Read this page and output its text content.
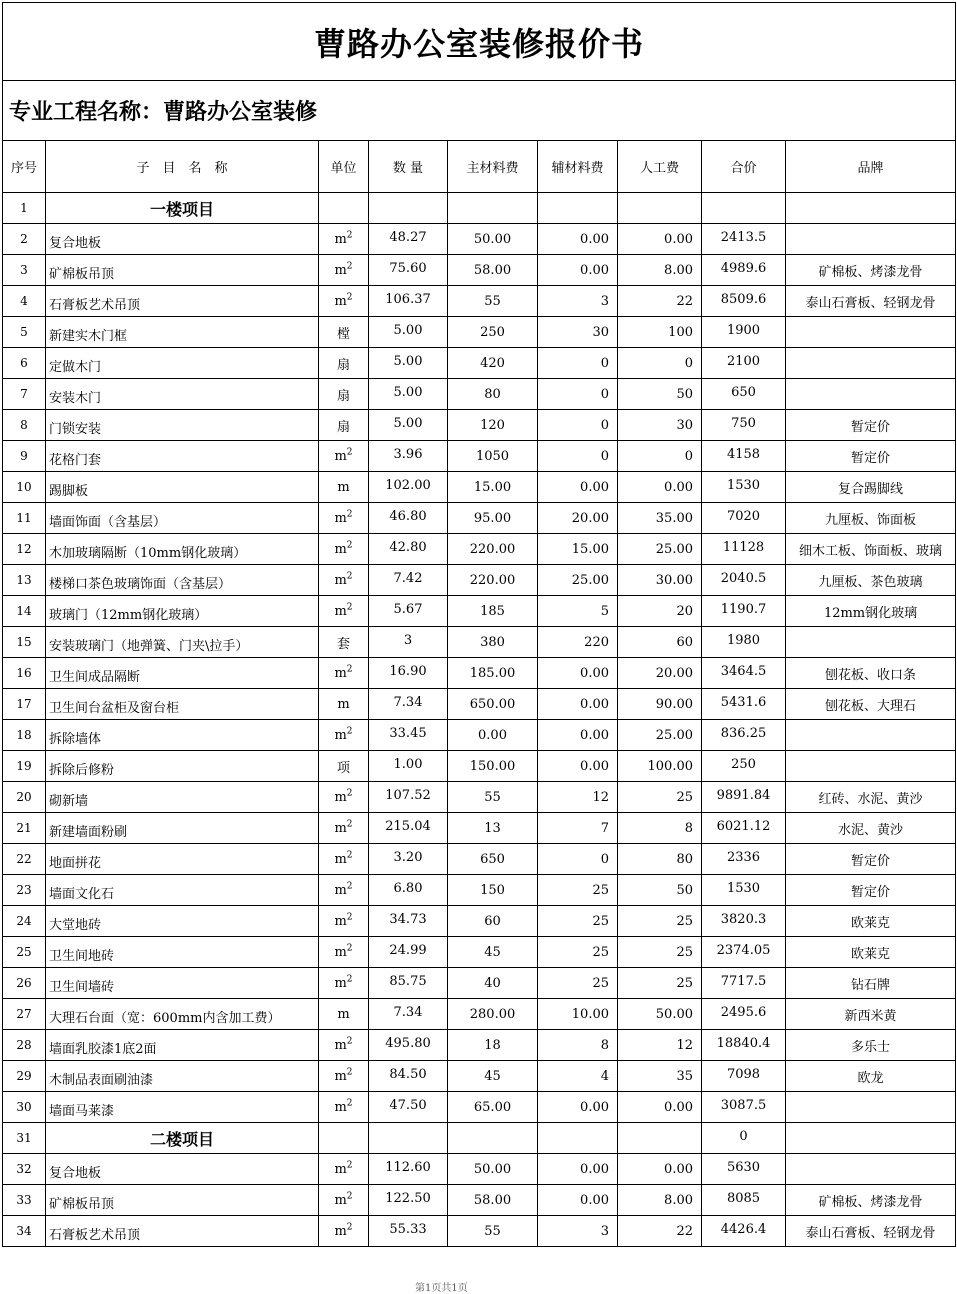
曹路办公室装修报价书								
专业工程名称：曹路办公室装修								
序号	子　目　名　称	单位	数 量	主材料费	辅材料费	人工费	合价	品牌
1	一楼项目							
2	复合地板	$m^2$	48.27	50.00	0.00	0.00	2413.5	
3	矿棉板吊顶	$m^2$	75.60	58.00	0.00	8.00	4989.6	矿棉板、烤漆龙骨
4	石膏板艺术吊顶	$m^2$	106.37	55	3	22	8509.6	泰山石膏板、轻钢龙骨
5	新建实木门框	樘	5.00	250	30	100	1900	
6	定做木门	扇	5.00	420	0	0	2100	
7	安装木门	扇	5.00	80	0	50	650	
8	门锁安装	扇	5.00	120	0	30	750	暂定价
9	花格门套	$m^2$	3.96	1050	0	0	4158	暂定价
10	踢脚板	m	102.00	15.00	0.00	0.00	1530	复合踢脚线
11	墙面饰面（含基层）	$m^2$	46.80	95.00	20.00	35.00	7020	九厘板、饰面板
12	木加玻璃隔断（10mm钢化玻璃）	$m^2$	42.80	220.00	15.00	25.00	11128	细木工板、饰面板、玻璃
13	楼梯口茶色玻璃饰面（含基层）	$m^2$	7.42	220.00	25.00	30.00	2040.5	九厘板、茶色玻璃
14	玻璃门（12mm钢化玻璃）	$m^2$	5.67	185	5	20	1190.7	12mm钢化玻璃
15	安装玻璃门（地弹簧、门夹\拉手）	套	3	380	220	60	1980	
16	卫生间成品隔断	$m^2$	16.90	185.00	0.00	20.00	3464.5	刨花板、收口条
17	卫生间台盆柜及窗台柜	m	7.34	650.00	0.00	90.00	5431.6	刨花板、大理石
18	拆除墙体	$m^2$	33.45	0.00	0.00	25.00	836.25	
19	拆除后修粉	项	1.00	150.00	0.00	100.00	250	
20	砌新墙	$m^2$	107.52	55	12	25	9891.84	红砖、水泥、黄沙
21	新建墙面粉刷	$m^2$	215.04	13	7	8	6021.12	水泥、黄沙
22	地面拼花	$m^2$	3.20	650	0	80	2336	暂定价
23	墙面文化石	$m^2$	6.80	150	25	50	1530	暂定价
24	大堂地砖	$m^2$	34.73	60	25	25	3820.3	欧莱克
25	卫生间地砖	$m^2$	24.99	45	25	25	2374.05	欧莱克
26	卫生间墙砖	$m^2$	85.75	40	25	25	7717.5	钻石牌
27	大理石台面（宽：600mm内含加工费）	m	7.34	280.00	10.00	50.00	2495.6	新西米黄
28	墙面乳胶漆1底2面	$m^2$	495.80	18	8	12	18840.4	多乐士
29	木制品表面刷油漆	$m^2$	84.50	45	4	35	7098	欧龙
30	墙面马莱漆	$m^2$	47.50	65.00	0.00	0.00	3087.5	
31	二楼项目						0	
32	复合地板	$m^2$	112.60	50.00	0.00	0.00	5630	
33	矿棉板吊顶	$m^2$	122.50	58.00	0.00	8.00	8085	矿棉板、烤漆龙骨
34	石膏板艺术吊顶	$m^2$	55.33	55	3	22	4426.4	泰山石膏板、轻钢龙骨
第1页共1页
